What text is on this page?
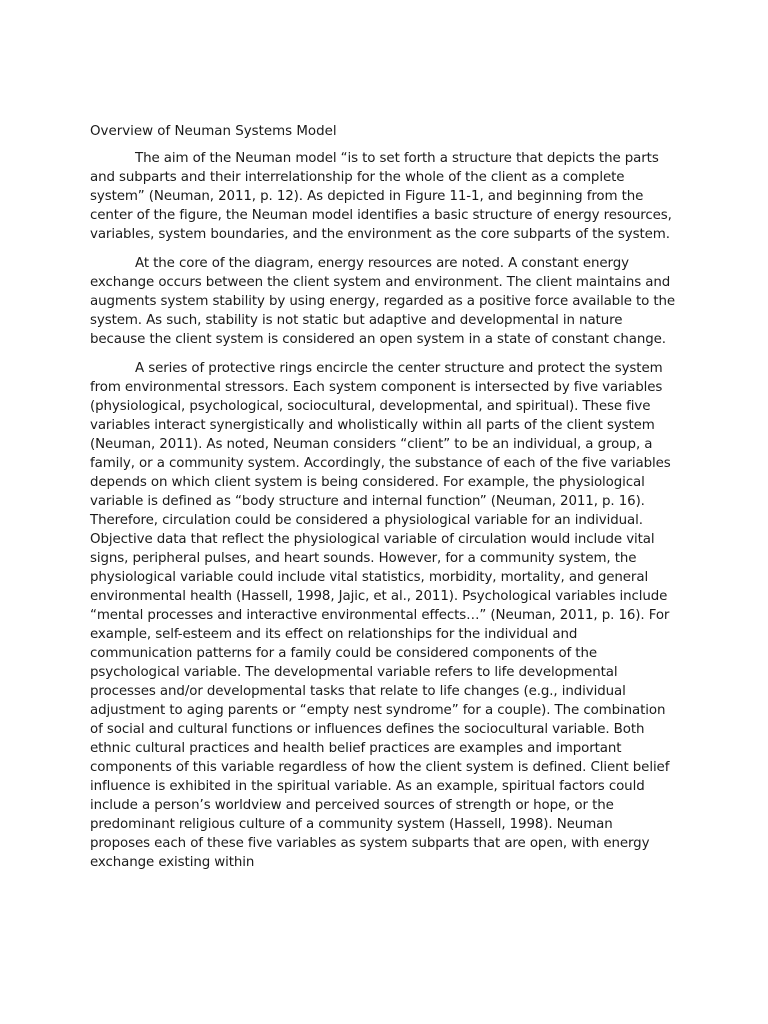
Overview of Neuman Systems Model

The aim of the Neuman model “is to set forth a structure that depicts the parts and subparts and their interrelationship for the whole of the client as a complete system” (Neuman, 2011, p. 12). As depicted in Figure 11-1, and beginning from the center of the figure, the Neuman model identifies a basic structure of energy resources, variables, system boundaries, and the environment as the core subparts of the system.

At the core of the diagram, energy resources are noted. A constant energy exchange occurs between the client system and environment. The client maintains and augments system stability by using energy, regarded as a positive force available to the system. As such, stability is not static but adaptive and developmental in nature because the client system is considered an open system in a state of constant change.

A series of protective rings encircle the center structure and protect the system from environmental stressors. Each system component is intersected by five variables (physiological, psychological, sociocultural, developmental, and spiritual). These five variables interact synergistically and wholistically within all parts of the client system (Neuman, 2011). As noted, Neuman considers “client” to be an individual, a group, a family, or a community system. Accordingly, the substance of each of the five variables depends on which client system is being considered. For example, the physiological variable is defined as “body structure and internal function” (Neuman, 2011, p. 16). Therefore, circulation could be considered a physiological variable for an individual. Objective data that reflect the physiological variable of circulation would include vital signs, peripheral pulses, and heart sounds. However, for a community system, the physiological variable could include vital statistics, morbidity, mortality, and general environmental health (Hassell, 1998, Jajic, et al., 2011). Psychological variables include “mental processes and interactive environmental effects…” (Neuman, 2011, p. 16). For example, self-esteem and its effect on relationships for the individual and communication patterns for a family could be considered components of the psychological variable. The developmental variable refers to life developmental processes and/or developmental tasks that relate to life changes (e.g., individual adjustment to aging parents or “empty nest syndrome” for a couple). The combination of social and cultural functions or influences defines the sociocultural variable. Both ethnic cultural practices and health belief practices are examples and important components of this variable regardless of how the client system is defined. Client belief influence is exhibited in the spiritual variable. As an example, spiritual factors could include a person’s worldview and perceived sources of strength or hope, or the predominant religious culture of a community system (Hassell, 1998). Neuman proposes each of these five variables as system subparts that are open, with energy exchange existing within
